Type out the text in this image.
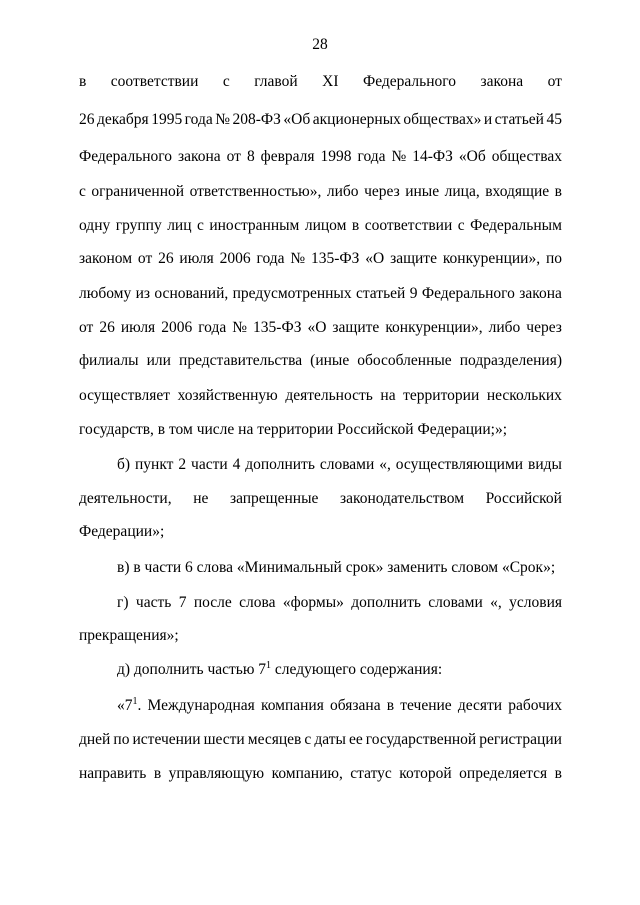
28
в соответствии с главой XI Федерального закона от
26 декабря 1995 года № 208-ФЗ «Об акционерных обществах» и статьей 45
Федерального закона от 8 февраля 1998 года № 14-ФЗ «Об обществах
с ограниченной ответственностью», либо через иные лица, входящие в
одну группу лиц с иностранным лицом в соответствии с Федеральным
законом от 26 июля 2006 года № 135-ФЗ «О защите конкуренции», по
любому из оснований, предусмотренных статьей 9 Федерального закона
от 26 июля 2006 года № 135-ФЗ «О защите конкуренции», либо через
филиалы или представительства (иные обособленные подразделения)
осуществляет хозяйственную деятельность на территории нескольких
государств, в том числе на территории Российской Федерации;»;
б) пункт 2 части 4 дополнить словами «, осуществляющими виды
деятельности, не запрещенные законодательством Российской
Федерации»;
в) в части 6 слова «Минимальный срок» заменить словом «Срок»;
г) часть 7 после слова «формы» дополнить словами «, условия
прекращения»;
д) дополнить частью $7^1$ следующего содержания:
«$7^1$. Международная компания обязана в течение десяти рабочих
дней по истечении шести месяцев с даты ее государственной регистрации
направить в управляющую компанию, статус которой определяется в
